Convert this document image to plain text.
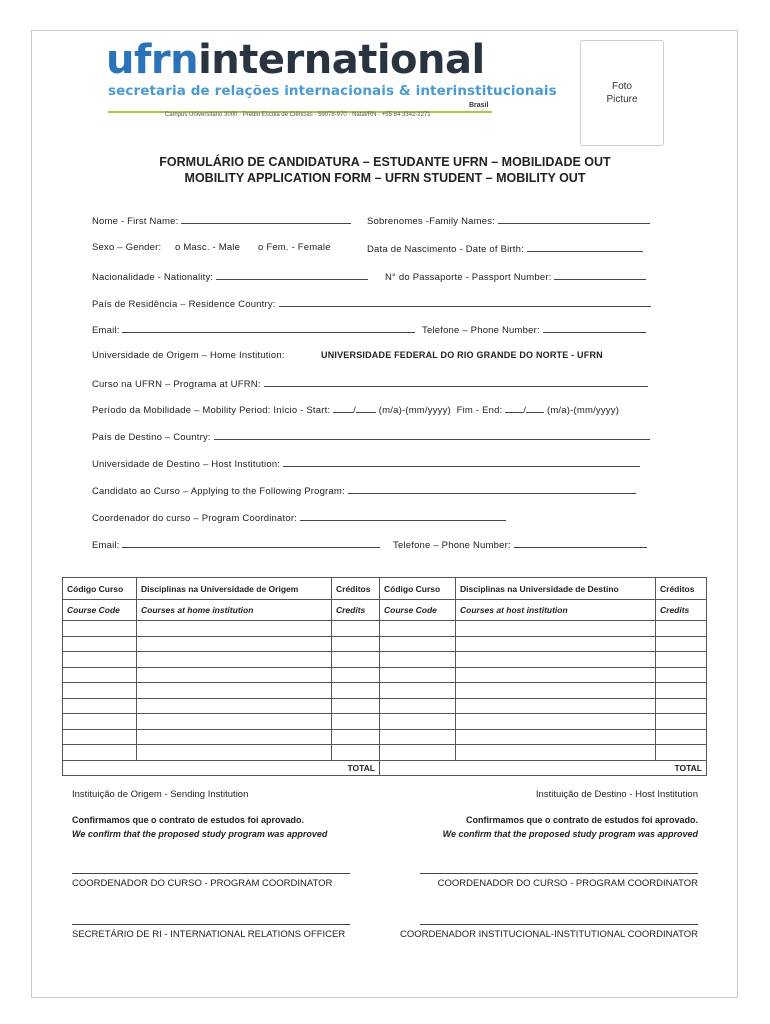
ufrninternational
secretaria de relações internacionais & interinstitucionais
Brasil
Campus Universitário 3000 · Prédio Escola de Ciências · 59078-970 · Natal/RN · +55 84 3342-2271
Foto
Picture
FORMULÁRIO DE CANDIDATURA – ESTUDANTE UFRN – MOBILIDADE OUT
MOBILITY APPLICATION FORM – UFRN STUDENT – MOBILITY OUT
Nome - First Name:	Sobrenomes -Family Names:
Sexo – Gender: o Masc. - Male o Fem. - Female	Data de Nascimento - Date of Birth:
Nacionalidade - Nationality:	N° do Passaporte - Passport Number:
País de Residência – Residence Country:
Email:	Telefone – Phone Number:
Universidade de Origem – Home Institution:	UNIVERSIDADE FEDERAL DO RIO GRANDE DO NORTE - UFRN
Curso na UFRN – Programa at UFRN:
Período da Mobilidade – Mobility Period: Início - Start: / (m/a)-(mm/yyyy) Fim - End: / (m/a)-(mm/yyyy)
País de Destino – Country:
Universidade de Destino – Host Institution:
Candidato ao Curso – Applying to the Following Program:
Coordenador do curso – Program Coordinator:
Email:	Telefone – Phone Number:
Código Curso	Disciplinas na Universidade de Origem	Créditos	Código Curso	Disciplinas na Universidade de Destino	Créditos
Course Code	Courses at home institution	Credits	Course Code	Courses at host institution	Credits

TOTAL			TOTAL		
Instituição de Origem - Sending Institution	Instituição de Destino - Host Institution
Confirmamos que o contrato de estudos foi aprovado.
We confirm that the proposed study program was approved
Confirmamos que o contrato de estudos foi aprovado.
We confirm that the proposed study program was approved
COORDENADOR DO CURSO - PROGRAM COORDINATOR	COORDENADOR DO CURSO - PROGRAM COORDINATOR
SECRETÁRIO DE RI - INTERNATIONAL RELATIONS OFFICER	COORDENADOR INSTITUCIONAL-INSTITUTIONAL COORDINATOR
